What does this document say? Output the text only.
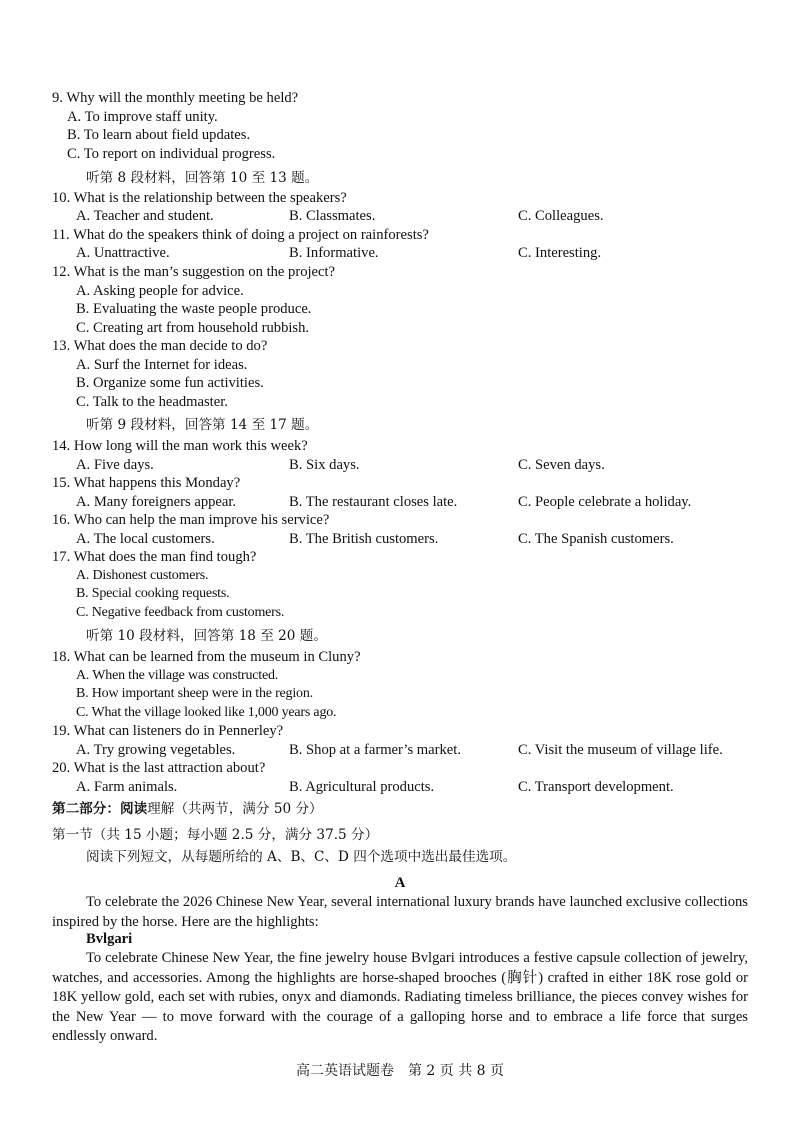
9. Why will the monthly meeting be held?
A. To improve staff unity.
B. To learn about field updates.
C. To report on individual progress.
听第 8 段材料，回答第 10 至 13 题。
10. What is the relationship between the speakers?
A. Teacher and student.	B. Classmates.	C. Colleagues.
11. What do the speakers think of doing a project on rainforests?
A. Unattractive.	B. Informative.	C. Interesting.
12. What is the man’s suggestion on the project?
A. Asking people for advice.
B. Evaluating the waste people produce.
C. Creating art from household rubbish.
13. What does the man decide to do?
A. Surf the Internet for ideas.
B. Organize some fun activities.
C. Talk to the headmaster.
听第 9 段材料，回答第 14 至 17 题。
14. How long will the man work this week?
A. Five days.	B. Six days.	C. Seven days.
15. What happens this Monday?
A. Many foreigners appear.	B. The restaurant closes late.	C. People celebrate a holiday.
16. Who can help the man improve his service?
A. The local customers.	B. The British customers.	C. The Spanish customers.
17. What does the man find tough?
A. Dishonest customers.
B. Special cooking requests.
C. Negative feedback from customers.
听第 10 段材料，回答第 18 至 20 题。
18. What can be learned from the museum in Cluny?
A. When the village was constructed.
B. How important sheep were in the region.
C. What the village looked like 1,000 years ago.
19. What can listeners do in Pennerley?
A. Try growing vegetables.	B. Shop at a farmer’s market.	C. Visit the museum of village life.
20. What is the last attraction about?
A. Farm animals.	B. Agricultural products.	C. Transport development.
第二部分：阅读理解（共两节，满分 50 分）
第一节（共 15 小题；每小题 2.5 分，满分 37.5 分）
阅读下列短文，从每题所给的 A、B、C、D 四个选项中选出最佳选项。
A
To celebrate the 2026 Chinese New Year, several international luxury brands have launched exclusive collections inspired by the horse. Here are the highlights:
Bvlgari
To celebrate Chinese New Year, the fine jewelry house Bvlgari introduces a festive capsule collection of jewelry, watches, and accessories. Among the highlights are horse-shaped brooches (胸针) crafted in either 18K rose gold or 18K yellow gold, each set with rubies, onyx and diamonds. Radiating timeless brilliance, the pieces convey wishes for the New Year — to move forward with the courage of a galloping horse and to embrace a life force that surges endlessly onward.
高二英语试题卷　第 2 页 共 8 页
